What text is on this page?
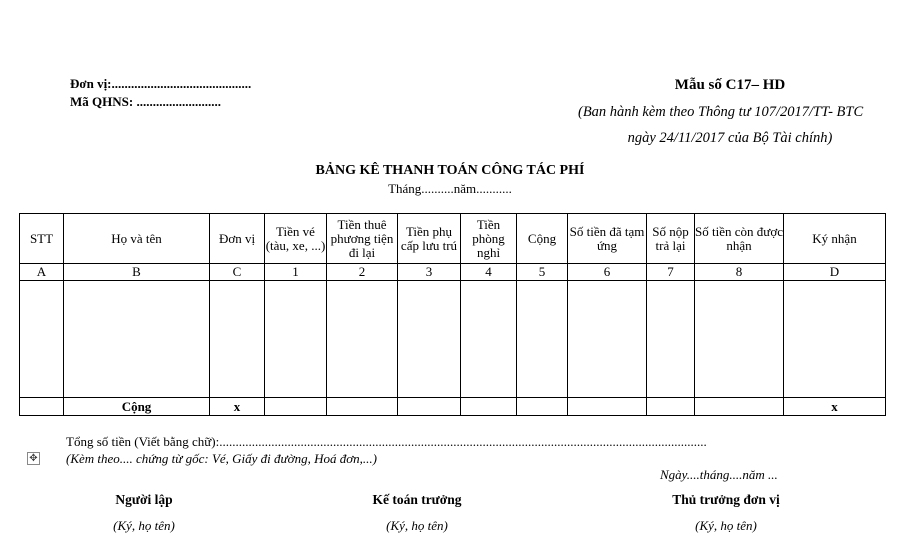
Đơn vị:...........................................
Mã QHNS: ..........................
Mẫu số C17– HD
(Ban hành kèm theo Thông tư 107/2017/TT- BTC
ngày 24/11/2017 của Bộ Tài chính)
BẢNG KÊ THANH TOÁN CÔNG TÁC PHÍ
Tháng..........năm...........
STT	Họ và tên	Đơn vị	Tiền vé (tàu, xe, ...)	Tiền thuê phương tiện đi lại	Tiền phụ cấp lưu trú	Tiền phòng nghỉ	Cộng	Số tiền đã tạm ứng	Số nộp trả lại	Số tiền còn được nhận	Ký nhận
A	B	C	1	2	3	4	5	6	7	8	D

	Cộng	x									x
Tổng số tiền (Viết bằng chữ):......................................................................................................................................................
✥ (Kèm theo.... chứng từ gốc: Vé, Giấy đi đường, Hoá đơn,...)
Ngày....tháng....năm ...
Người lập
(Ký, họ tên)
Kế toán trưởng
(Ký, họ tên)
Thủ trưởng đơn vị
(Ký, họ tên)
